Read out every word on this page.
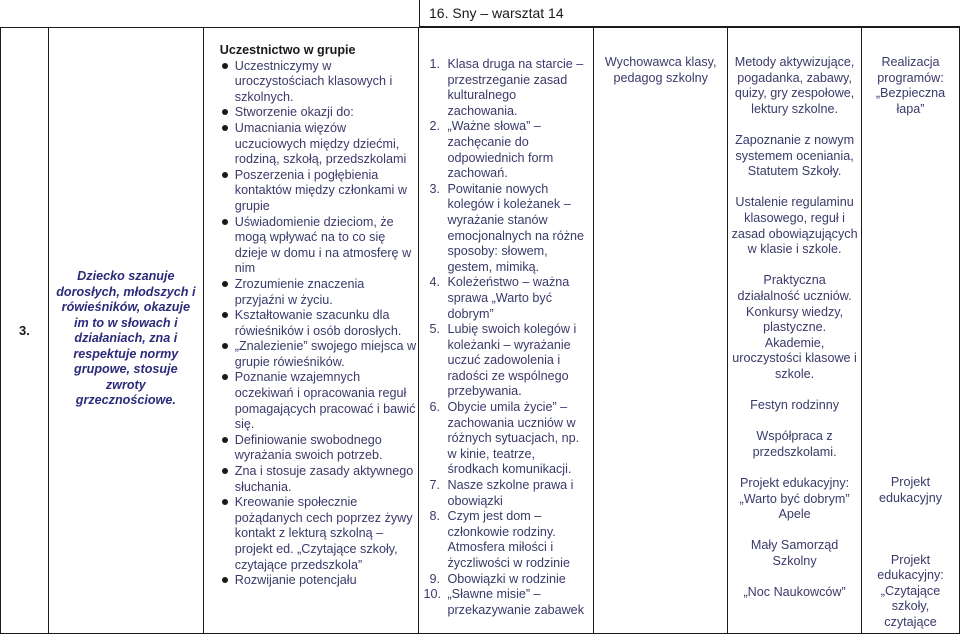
16. Sny – warsztat 14
3.

Dziecko szanuje dorosłych, młodszych i rówieśników, okazuje im to w słowach i działaniach, zna i respektuje normy grupowe, stosuje zwroty grzecznościowe.

Uczestnictwo w grupie
Uczestniczymy w uroczystościach klasowych i szkolnych.
Stworzenie okazji do:
Umacniania więzów uczuciowych między dziećmi, rodziną, szkołą, przedszkolami
Poszerzenia i pogłębienia kontaktów między członkami w grupie
Uświadomienie dzieciom, że mogą wpływać na to co się dzieje w domu i na atmosferę w nim
Zrozumienie znaczenia przyjaźni w życiu.
Kształtowanie szacunku dla rówieśników i osób dorosłych.
„Znalezienie” swojego miejsca w grupie rówieśników.
Poznanie wzajemnych oczekiwań i opracowania reguł pomagających pracować i bawić się.
Definiowanie swobodnego wyrażania swoich potrzeb.
Zna i stosuje zasady aktywnego słuchania.
Kreowanie społecznie pożądanych cech poprzez żywy kontakt z lekturą szkolną – projekt ed. „Czytające szkoły, czytające przedszkola”
Rozwijanie potencjału

1. Klasa druga na starcie – przestrzeganie zasad kulturalnego zachowania.
2. „Ważne słowa” – zachęcanie do odpowiednich form zachowań.
3. Powitanie nowych kolegów i koleżanek – wyrażanie stanów emocjonalnych na różne sposoby: słowem, gestem, mimiką.
4. Koleżeństwo – ważna sprawa „Warto być dobrym”
5. Lubię swoich kolegów i koleżanki – wyrażanie uczuć zadowolenia i radości ze wspólnego przebywania.
6. Obycie umila życie” – zachowania uczniów w różnych sytuacjach, np. w kinie, teatrze, środkach komunikacji.
7. Nasze szkolne prawa i obowiązki
8. Czym jest dom – członkowie rodziny. Atmosfera miłości i życzliwości w rodzinie
9. Obowiązki w rodzinie
10. „Sławne misie” – przekazywanie zabawek

Wychowawca klasy, pedagog szkolny

Metody aktywizujące, pogadanka, zabawy, quizy, gry zespołowe, lektury szkolne.
Zapoznanie z nowym systemem oceniania, Statutem Szkoły.
Ustalenie regulaminu klasowego, reguł i zasad obowiązujących w klasie i szkole.
Praktyczna działalność uczniów.
Konkursy wiedzy, plastyczne.
Akademie, uroczystości klasowe i szkole.
Festyn rodzinny
Współpraca z przedszkolami.
Projekt edukacyjny: „Warto być dobrym” Apele
Mały Samorząd Szkolny
„Noc Naukowców”

Realizacja programów: „Bezpieczna łapa”
Projekt edukacyjny
Projekt edukacyjny: „Czytające szkoły, czytające
